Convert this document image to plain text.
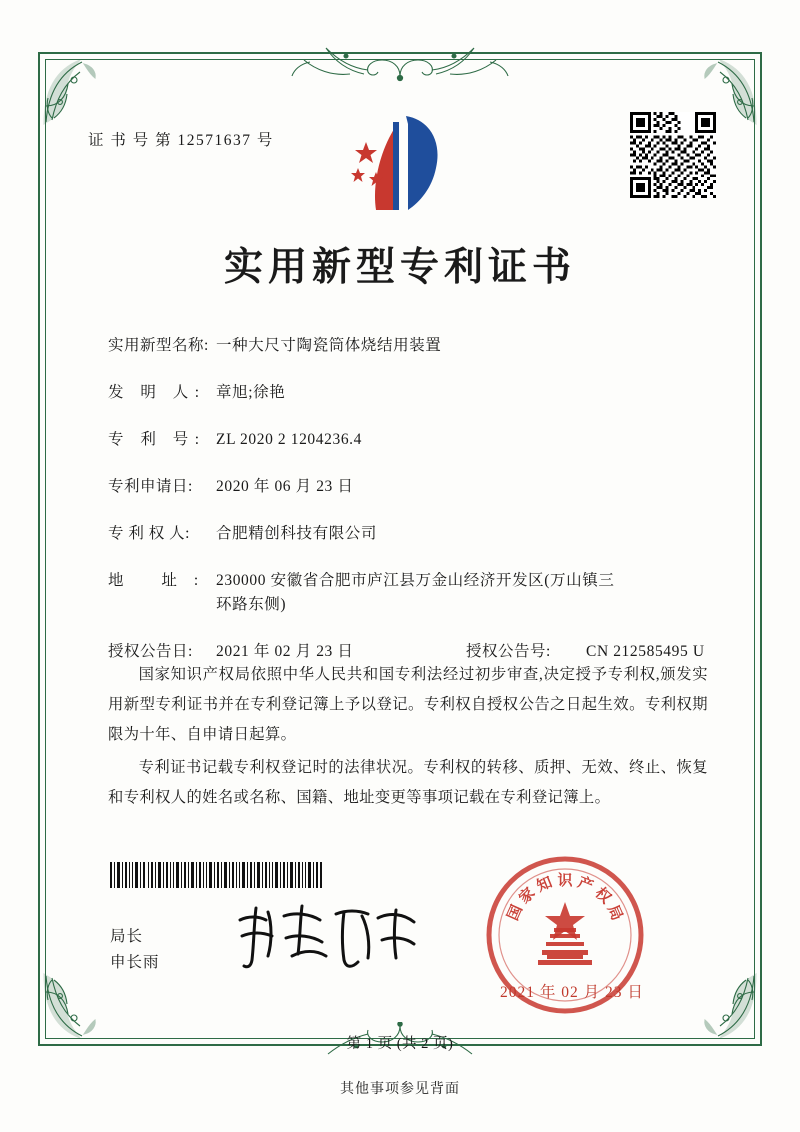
证 书 号 第 12571637 号
实用新型专利证书
实用新型名称: 一种大尺寸陶瓷筒体烧结用装置
发 明 人: 章旭;徐艳
专 利 号: ZL 2020 2 1204236.4
专利申请日:	2020 年 06 月 23 日
专 利 权 人:	合肥精创科技有限公司
地 址: 230000 安徽省合肥市庐江县万金山经济开发区(万山镇三
环路东侧)
授权公告日:	2021 年 02 月 23 日	授权公告号:	CN 212585495 U

国家知识产权局依照中华人民共和国专利法经过初步审查,决定授予专利权,颁发实用新型专利证书并在专利登记簿上予以登记。专利权自授权公告之日起生效。专利权期限为十年、自申请日起算。

专利证书记载专利权登记时的法律状况。专利权的转移、质押、无效、终止、恢复和专利权人的姓名或名称、国籍、地址变更等事项记载在专利登记簿上。

局长
申长雨
国
家
知 识 产
权
局
2021 年 02 月 23 日
第 1 页 (共 2 页)
其他事项参见背面
